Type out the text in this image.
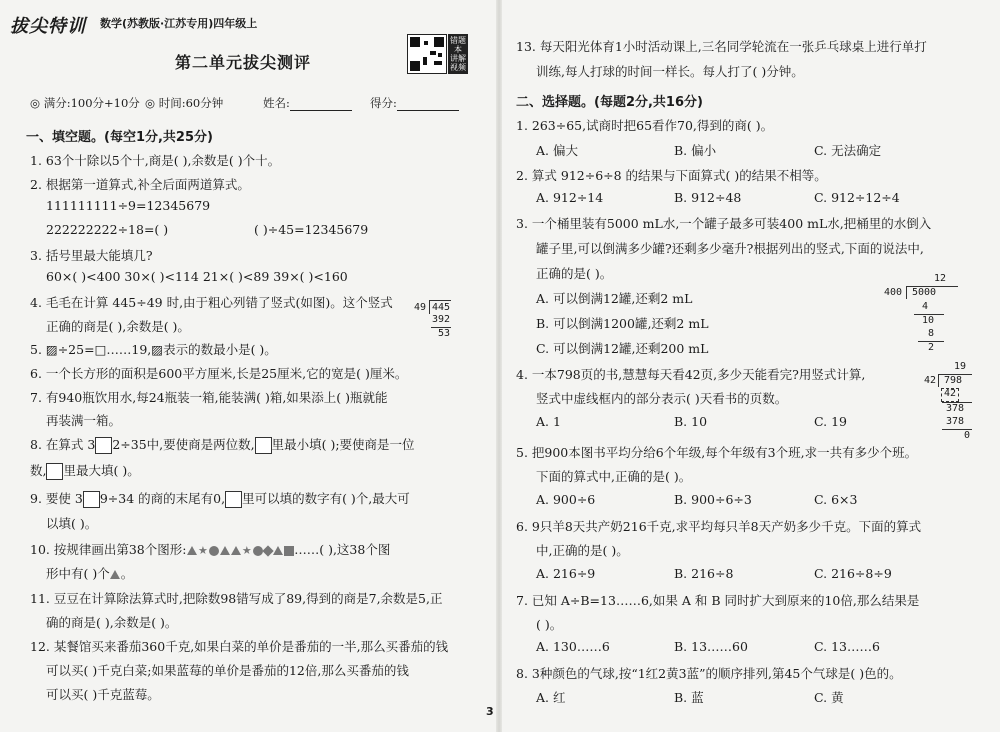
拔尖特训 数学(苏教版·江苏专用)四年级上
第二单元拔尖测评
错题本 讲解视频
◎ 满分:100分+10分 ◎ 时间:60分钟	姓名:	得分:
一、填空题。(每空1分,共25分)
1. 63个十除以5个十,商是( ),余数是( )个十。
2. 根据第一道算式,补全后面两道算式。
111111111÷9=12345679
222222222÷18=( )	( )÷45=12345679
3. 括号里最大能填几?
60×( )<400 30×( )<114 21×( )<89 39×( )<160
4. 毛毛在计算 445÷49 时,由于粗心列错了竖式(如图)。这个竖式
正确的商是( ),余数是( )。
49 445
392
53
5. ▨÷25=□……19,▨表示的数最小是( )。
6. 一个长方形的面积是600平方厘米,长是25厘米,它的宽是( )厘米。
7. 有940瓶饮用水,每24瓶装一箱,能装满( )箱,如果添上( )瓶就能
再装满一箱。
8. 在算式 3 2÷35中,要使商是两位数, 里最小填( );要使商是一位
数, 里最大填( )。
9. 要使 3 9÷34 的商的末尾有0, 里可以填的数字有( )个,最大可
以填( )。
10. 按规律画出第38个图形: ★	★	……( ),这38个图
形中有( )个 。
11. 豆豆在计算除法算式时,把除数98错写成了89,得到的商是7,余数是5,正
确的商是( ),余数是( )。
12. 某餐馆买来番茄360千克,如果白菜的单价是番茄的一半,那么买番茄的钱
可以买( )千克白菜;如果蓝莓的单价是番茄的12倍,那么买番茄的钱
可以买( )千克蓝莓。
13. 每天阳光体育1小时活动课上,三名同学轮流在一张乒乓球桌上进行单打
训练,每人打球的时间一样长。每人打了( )分钟。
二、选择题。(每题2分,共16分)
1. 263÷65,试商时把65看作70,得到的商( )。
A. 偏大	B. 偏小	C. 无法确定
2. 算式 912÷6÷8 的结果与下面算式( )的结果不相等。
A. 912÷14	B. 912÷48	C. 912÷12÷4
3. 一个桶里装有5000 mL水,一个罐子最多可装400 mL水,把桶里的水倒入
罐子里,可以倒满多少罐?还剩多少毫升?根据列出的竖式,下面的说法中,
正确的是( )。
A. 可以倒满12罐,还剩2 mL
B. 可以倒满1200罐,还剩2 mL
C. 可以倒满12罐,还剩200 mL
12
400 5000
4
10
8
2
4. 一本798页的书,慧慧每天看42页,多少天能看完?用竖式计算,
竖式中虚线框内的部分表示( )天看书的页数。
A. 1	B. 10	C. 19
19
42 798
42
378
378
0
5. 把900本图书平均分给6个年级,每个年级有3个班,求一共有多少个班。
下面的算式中,正确的是( )。
A. 900÷6	B. 900÷6÷3	C. 6×3
6. 9只羊8天共产奶216千克,求平均每只羊8天产奶多少千克。下面的算式
中,正确的是( )。
A. 216÷9	B. 216÷8	C. 216÷8÷9
7. 已知 A÷B=13……6,如果 A 和 B 同时扩大到原来的10倍,那么结果是
( )。
A. 130……6	B. 13……60	C. 13……6
8. 3种颜色的气球,按“1红2黄3蓝”的顺序排列,第45个气球是( )色的。
A. 红	B. 蓝	C. 黄
3
